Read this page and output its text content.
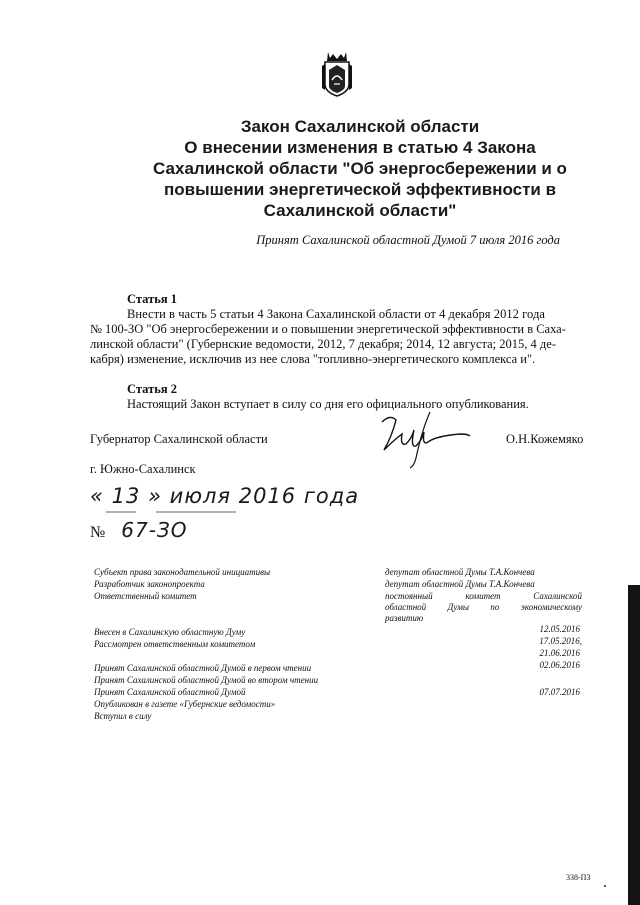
Закон Сахалинской области
О внесении изменения в статью 4 Закона
Сахалинской области "Об энергосбережении и о
повышении энергетической эффективности в
Сахалинской области"
Принят Сахалинской областной Думой 7 июля 2016 года
Статья 1
Внести в часть 5 статьи 4 Закона Сахалинской области от 4 декабря 2012 года
№ 100-ЗО "Об энергосбережении и о повышении энергетической эффективности в Саха-
линской области" (Губернские ведомости, 2012, 7 декабря; 2014, 12 августа; 2015, 4 де-
кабря) изменение, исключив из нее слова "топливно-энергетического комплекса и".
Статья 2
Настоящий Закон вступает в силу со дня его официального опубликования.
Губернатор Сахалинской области	О.Н.Кожемяко
г. Южно-Сахалинск
« 13 » июля 2016 года
№ 67-ЗО
Субъект права законодательной инициативы	депутат областной Думы Т.А.Кончева
Разработчик законопроекта	депутат областной Думы Т.А.Кончева
Ответственный комитет	постоянный комитет Сахалинской
областной Думы по экономическому
развитию
Внесен в Сахалинскую областную Думу	12.05.2016
Рассмотрен ответственным комитетом	17.05.2016,
21.06.2016
Принят Сахалинской областной Думой в первом чтении	02.06.2016
Принят Сахалинской областной Думой во втором чтении
Принят Сахалинской областной Думой	07.07.2016
Опубликован в газете «Губернские ведомости»
Вступил в силу
338-ПЗ
